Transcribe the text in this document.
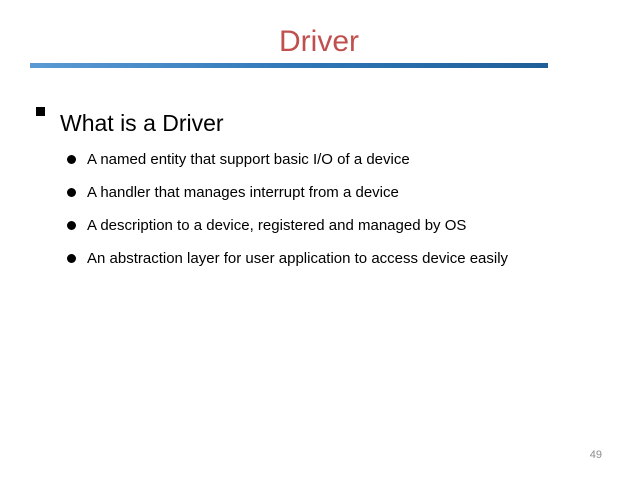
Driver
What is a Driver
A named entity that support basic I/O of a device
A handler that manages interrupt from a device
A description to a device, registered and managed by OS
An abstraction layer for user application to access device easily
49
